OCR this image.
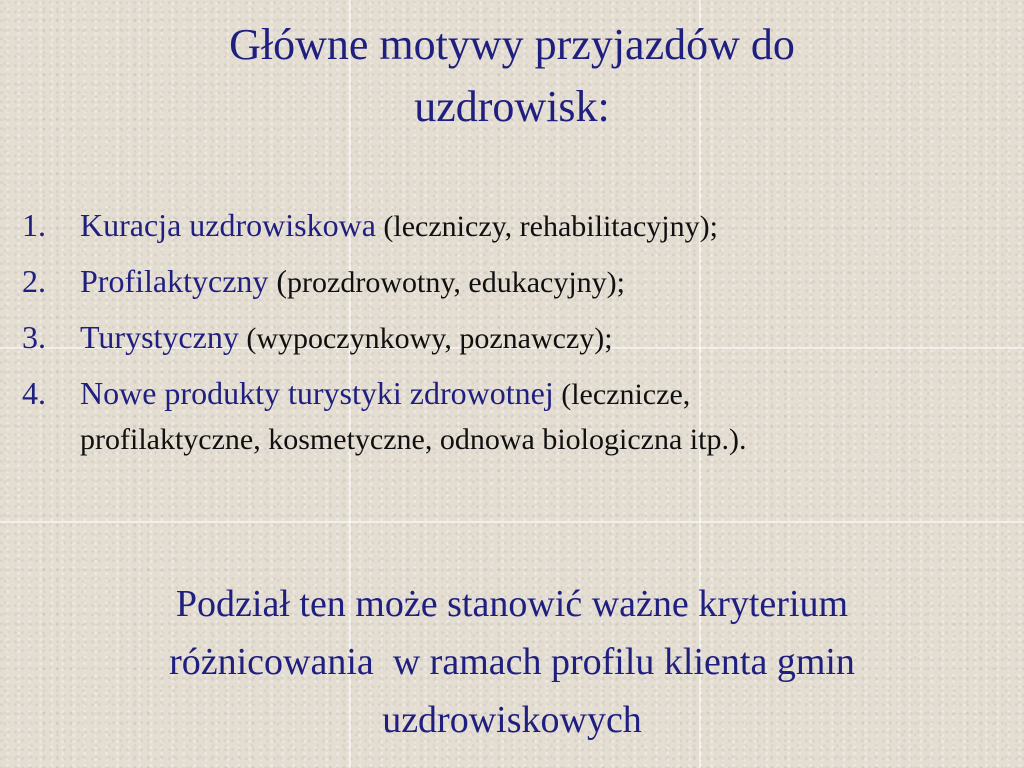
Główne motywy przyjazdów do
uzdrowisk:
1. Kuracja uzdrowiskowa (leczniczy, rehabilitacyjny);
2. Profilaktyczny (prozdrowotny, edukacyjny);
3. Turystyczny (wypoczynkowy, poznawczy);
4. Nowe produkty turystyki zdrowotnej (lecznicze,
profilaktyczne, kosmetyczne, odnowa biologiczna itp.).

Podział ten może stanowić ważne kryterium
różnicowania  w ramach profilu klienta gmin
uzdrowiskowych
